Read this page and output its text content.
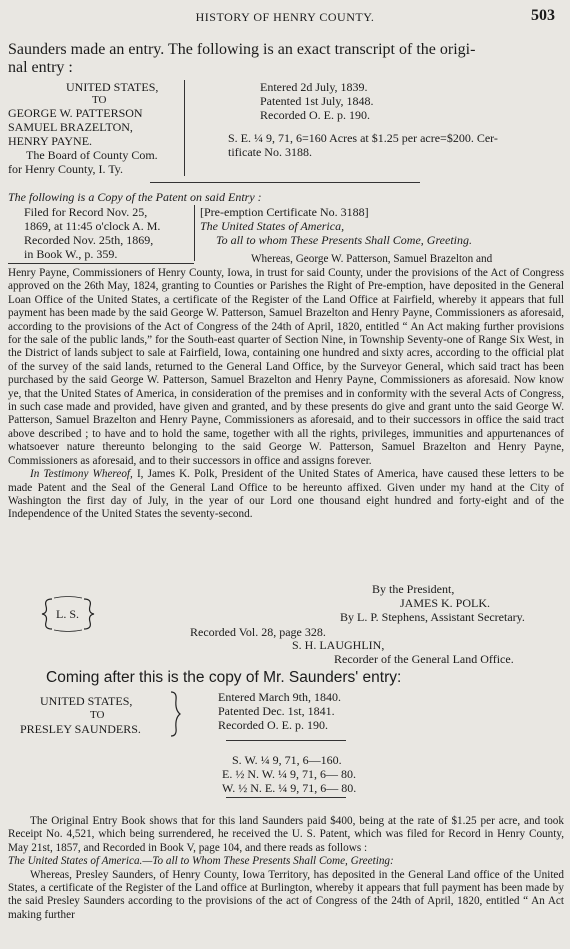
HISTORY OF HENRY COUNTY.	503
Saunders made an entry. The following is an exact transcript of the origi-
nal entry :
UNITED STATES,
TO
GEORGE W. PATTERSON
SAMUEL BRAZELTON,
HENRY PAYNE.
The Board of County Com.
for Henry County, I. Ty.
Entered 2d July, 1839.
Patented 1st July, 1848.
Recorded O. E. p. 190.
S. E. ¼ 9, 71, 6=160 Acres at $1.25 per acre=$200. Cer-
tificate No. 3188.
The following is a Copy of the Patent on said Entry :
Filed for Record Nov. 25,
1869, at 11:45 o'clock A. M.
Recorded Nov. 25th, 1869,
in Book W., p. 359.
[Pre-emption Certificate No. 3188]
The United States of America,
To all to whom These Presents Shall Come, Greeting.
Whereas, George W. Patterson, Samuel Brazelton and

Henry Payne, Commissioners of Henry County, Iowa, in trust for said County, under the provisions of the Act of Congress approved on the 26th May, 1824, granting to Counties or Parishes the Right of Pre-emption, have deposited in the General Loan Office of the United States, a certificate of the Register of the Land Office at Fairfield, whereby it appears that full payment has been made by the said George W. Patterson, Samuel Brazelton and Henry Payne, Commissioners as aforesaid, according to the provisions of the Act of Congress of the 24th of April, 1820, entitled “ An Act making further provisions for the sale of the public lands,” for the South-east quarter of Section Nine, in Township Seventy-one of Range Six West, in the District of lands subject to sale at Fairfield, Iowa, containing one hundred and sixty acres, according to the official plat of the survey of the said lands, returned to the General Land Office, by the Surveyor General, which said tract has been purchased by the said George W. Patterson, Samuel Brazelton and Henry Payne, Commissioners as aforesaid. Now know ye, that the United States of America, in consideration of the premises and in conformity with the several Acts of Congress, in such case made and provided, have given and granted, and by these presents do give and grant unto the said George W. Patterson, Samuel Brazelton and Henry Payne, Commissioners as aforesaid, and to their successors in office the said tract above described ; to have and to hold the same, together with all the rights, privileges, immunities and appurtenances of whatsoever nature thereunto belonging to the said George W. Patterson, Samuel Brazelton and Henry Payne, Commissioners as aforesaid, and to their successors in office and assigns forever.

In Testimony Whereof, I, James K. Polk, President of the United States of America, have caused these letters to be made Patent and the Seal of the General Land Office to be hereunto affixed. Given under my hand at the City of Washington the first day of July, in the year of our Lord one thousand eight hundred and forty-eight and of the Independence of the United States the seventy-second.

By the President,
JAMES K. POLK.
By L. P. Stephens, Assistant Secretary.
L. S.
Recorded Vol. 28, page 328.
S. H. LAUGHLIN,
Recorder of the General Land Office.
Coming after this is the copy of Mr. Saunders' entry:
UNITED STATES,
TO
PRESLEY SAUNDERS.
Entered March 9th, 1840.
Patented Dec. 1st, 1841.
Recorded O. E. p. 190.
S. W. ¼ 9, 71, 6—160.
E. ½ N. W. ¼ 9, 71, 6— 80.
W. ½ N. E. ¼ 9, 71, 6— 80.

The Original Entry Book shows that for this land Saunders paid $400, being at the rate of $1.25 per acre, and took Receipt No. 4,521, which being surrendered, he received the U. S. Patent, which was filed for Record in Henry County, May 21st, 1857, and Recorded in Book V, page 104, and there reads as follows :

The United States of America.—To all to Whom These Presents Shall Come, Greeting:

Whereas, Presley Saunders, of Henry County, Iowa Territory, has deposited in the General Land office of the United States, a certificate of the Register of the Land office at Burlington, whereby it appears that full payment has been made by the said Presley Saunders according to the provisions of the act of Congress of the 24th of April, 1820, entitled “ An Act making further
